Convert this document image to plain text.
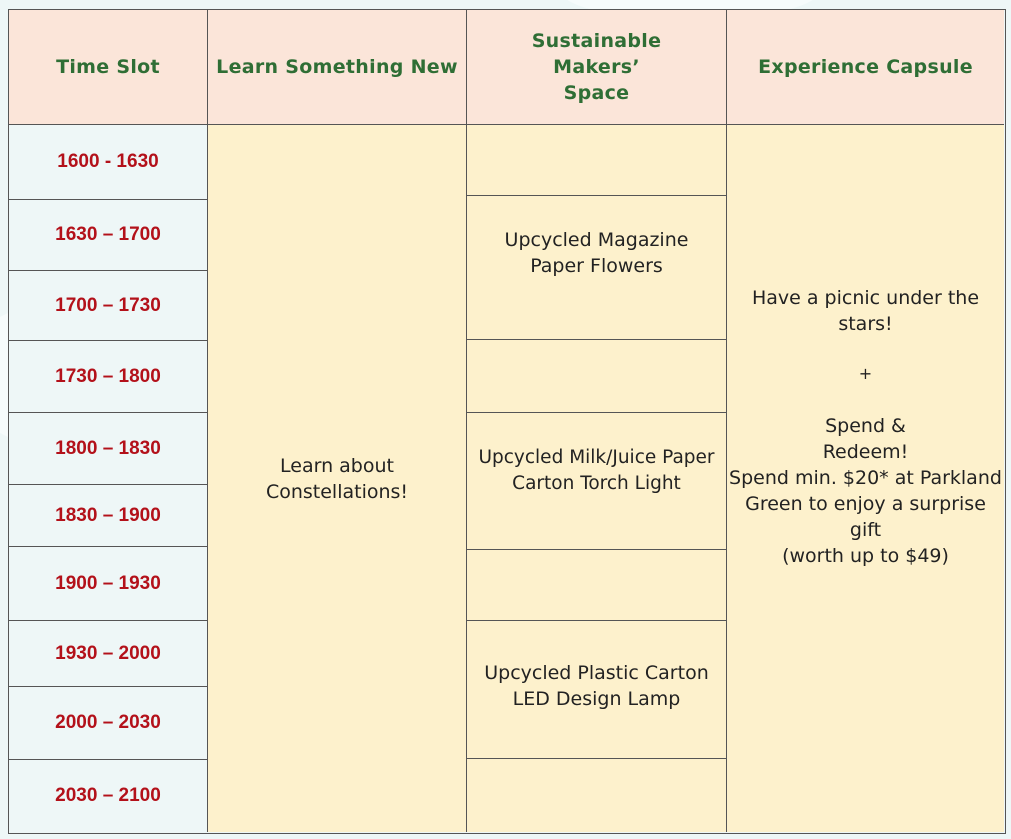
Time Slot	Learn Something New
Sustainable Makers’ Space
Experience Capsule
1600 - 1630
1630 – 1700
1700 – 1730
1730 – 1800
1800 – 1830
1830 – 1900
1900 – 1930
1930 – 2000
2000 – 2030
2030 – 2100
Learn about Constellations!
Upcycled Magazine Paper Flowers
Upcycled Milk/Juice Paper Carton Torch Light
Upcycled Plastic Carton LED Design Lamp
Have a picnic under the stars!
+
Spend & Redeem!
Spend min. $20* at Parkland Green to enjoy a surprise gift
(worth up to $49)
